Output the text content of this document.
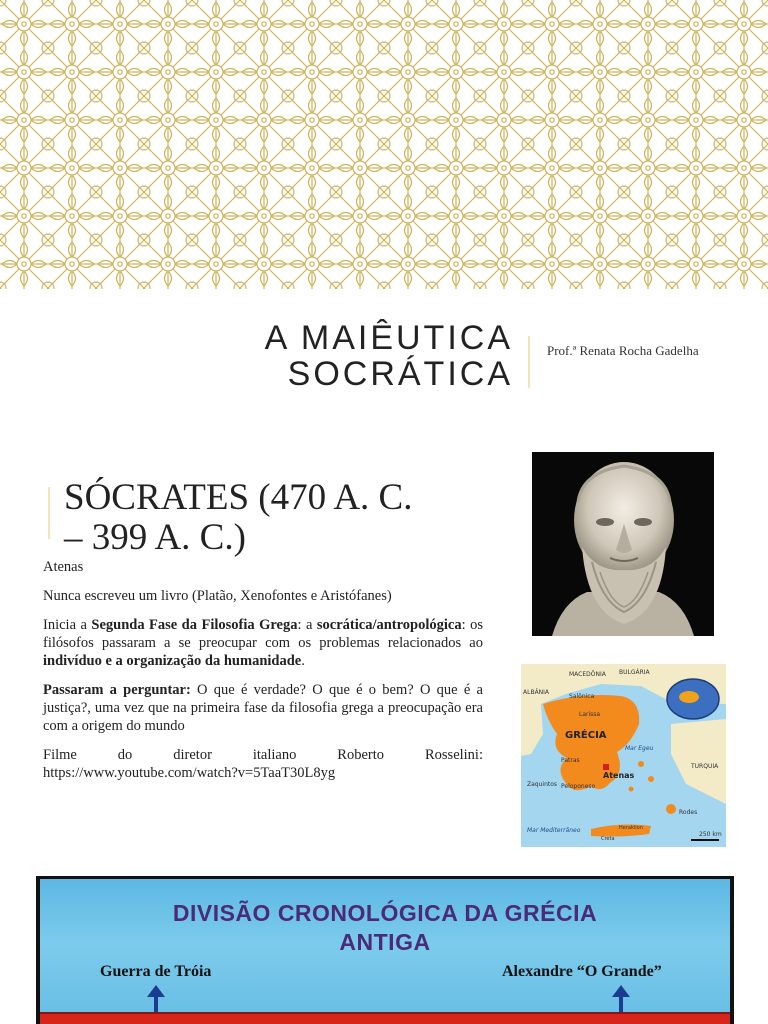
A MAIÊUTICA
SOCRÁTICA
Prof.ª Renata Rocha Gadelha
SÓCRATES (470 A. C.
– 399 A. C.)

Atenas

Nunca escreveu um livro (Platão, Xenofontes e Aristófanes)

Inicia a Segunda Fase da Filosofia Grega: a socrática/antropológica: os filósofos passaram a se preocupar com os problemas relacionados ao indivíduo e a organização da humanidade.

Passaram a perguntar: O que é verdade? O que é o bem? O que é a justiça?, uma vez que na primeira fase da filosofia grega a preocupação era com a origem do mundo

Filme do diretor italiano Roberto Rosselini:
https://www.youtube.com/watch?v=5TaaT30L8yg

MACEDÔNIA BULGÁRIA
ALBÂNIA
Salônica
Larissa
GRÉCIA
Atenas
TURQUIA
Patras
Zaquintos Peloponeso
Creta
Heraklion
Mar Mediterrâneo
Mar Egeu
Rodes
250 km
DIVISÃO CRONOLÓGICA DA GRÉCIA
ANTIGA
Guerra de Tróia	Alexandre “O Grande”
